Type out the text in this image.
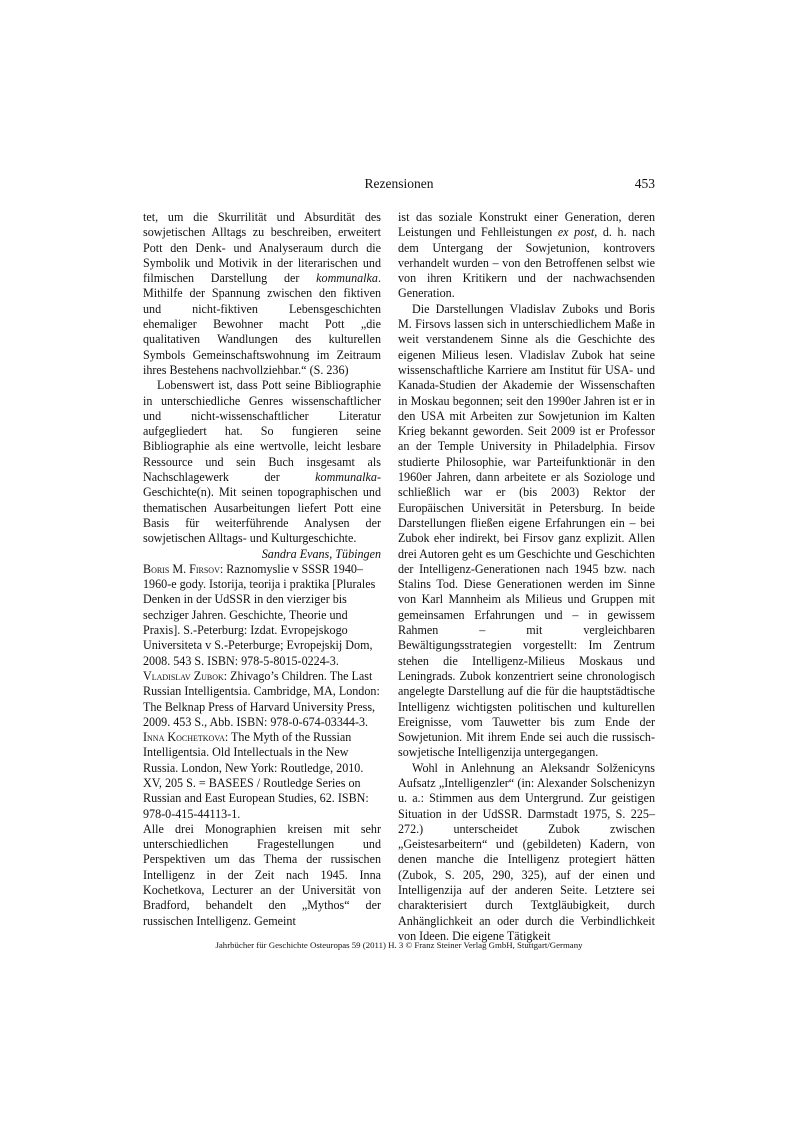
Rezensionen	453

tet, um die Skurrilität und Absurdität des sowjetischen Alltags zu beschreiben, erweitert Pott den Denk- und Analyseraum durch die Symbolik und Motivik in der literarischen und filmischen Darstellung der kommunalka. Mithilfe der Spannung zwischen den fiktiven und nicht-fiktiven Lebensgeschichten ehemaliger Bewohner macht Pott „die qualitativen Wandlungen des kulturellen Symbols Gemeinschaftswohnung im Zeitraum ihres Bestehens nachvollziehbar.“ (S. 236)

Lobenswert ist, dass Pott seine Bibliographie in unterschiedliche Genres wissenschaftlicher und nicht-wissenschaftlicher Literatur aufgegliedert hat. So fungieren seine Bibliographie als eine wertvolle, leicht lesbare Ressource und sein Buch insgesamt als Nachschlagewerk der kommunalka-Geschichte(n). Mit seinen topographischen und thematischen Ausarbeitungen liefert Pott eine Basis für weiterführende Analysen der sowjetischen Alltags- und Kulturgeschichte.

Sandra Evans, Tübingen

Boris M. Firsov: Raznomyslie v SSSR 1940–1960-e gody. Istorija, teorija i praktika [Plurales Denken in der UdSSR in den vierziger bis sechziger Jahren. Geschichte, Theorie und Praxis]. S.-Peterburg: Izdat. Evropejskogo Universiteta v S.-Peterburge; Evropejskij Dom, 2008. 543 S. ISBN: 978-5-8015-0224-3.

Vladislav Zubok: Zhivago’s Children. The Last Russian Intelligentsia. Cambridge, MA, London: The Belknap Press of Harvard University Press, 2009. 453 S., Abb. ISBN: 978-0-674-03344-3.

Inna Kochetkova: The Myth of the Russian Intelligentsia. Old Intellectuals in the New Russia. London, New York: Routledge, 2010. XV, 205 S. = BASEES / Routledge Series on Russian and East European Studies, 62. ISBN: 978-0-415-44113-1.

Alle drei Monographien kreisen mit sehr unterschiedlichen Fragestellungen und Perspektiven um das Thema der russischen Intelligenz in der Zeit nach 1945. Inna Kochetkova, Lecturer an der Universität von Bradford, behandelt den „Mythos“ der russischen Intelligenz. Gemeint

ist das soziale Konstrukt einer Generation, deren Leistungen und Fehlleistungen ex post, d. h. nach dem Untergang der Sowjetunion, kontrovers verhandelt wurden – von den Betroffenen selbst wie von ihren Kritikern und der nachwachsenden Generation.

Die Darstellungen Vladislav Zuboks und Boris M. Firsovs lassen sich in unterschiedlichem Maße in weit verstandenem Sinne als die Geschichte des eigenen Milieus lesen. Vladislav Zubok hat seine wissenschaftliche Karriere am Institut für USA- und Kanada-Studien der Akademie der Wissenschaften in Moskau begonnen; seit den 1990er Jahren ist er in den USA mit Arbeiten zur Sowjetunion im Kalten Krieg bekannt geworden. Seit 2009 ist er Professor an der Temple University in Philadelphia. Firsov studierte Philosophie, war Parteifunktionär in den 1960er Jahren, dann arbeitete er als Soziologe und schließlich war er (bis 2003) Rektor der Europäischen Universität in Petersburg. In beide Darstellungen fließen eigene Erfahrungen ein – bei Zubok eher indirekt, bei Firsov ganz explizit. Allen drei Autoren geht es um Geschichte und Geschichten der Intelligenz-Generationen nach 1945 bzw. nach Stalins Tod. Diese Generationen werden im Sinne von Karl Mannheim als Milieus und Gruppen mit gemeinsamen Erfahrungen und – in gewissem Rahmen – mit vergleichbaren Bewältigungsstrategien vorgestellt: Im Zentrum stehen die Intelligenz-Milieus Moskaus und Leningrads. Zubok konzentriert seine chronologisch angelegte Darstellung auf die für die hauptstädtische Intelligenz wichtigsten politischen und kulturellen Ereignisse, vom Tauwetter bis zum Ende der Sowjetunion. Mit ihrem Ende sei auch die russisch-sowjetische Intelligenzija untergegangen.

Wohl in Anlehnung an Aleksandr Solženicyns Aufsatz „Intelligenzler“ (in: Alexander Solschenizyn u. a.: Stimmen aus dem Untergrund. Zur geistigen Situation in der UdSSR. Darmstadt 1975, S. 225–272.) unterscheidet Zubok zwischen „Geistesarbeitern“ und (gebildeten) Kadern, von denen manche die Intelligenz protegiert hätten (Zubok, S. 205, 290, 325), auf der einen und Intelligenzija auf der anderen Seite. Letztere sei charakterisiert durch Textgläubigkeit, durch Anhänglichkeit an oder durch die Verbindlichkeit von Ideen. Die eigene Tätigkeit

Jahrbücher für Geschichte Osteuropas 59 (2011) H. 3 © Franz Steiner Verlag GmbH, Stuttgart/Germany
